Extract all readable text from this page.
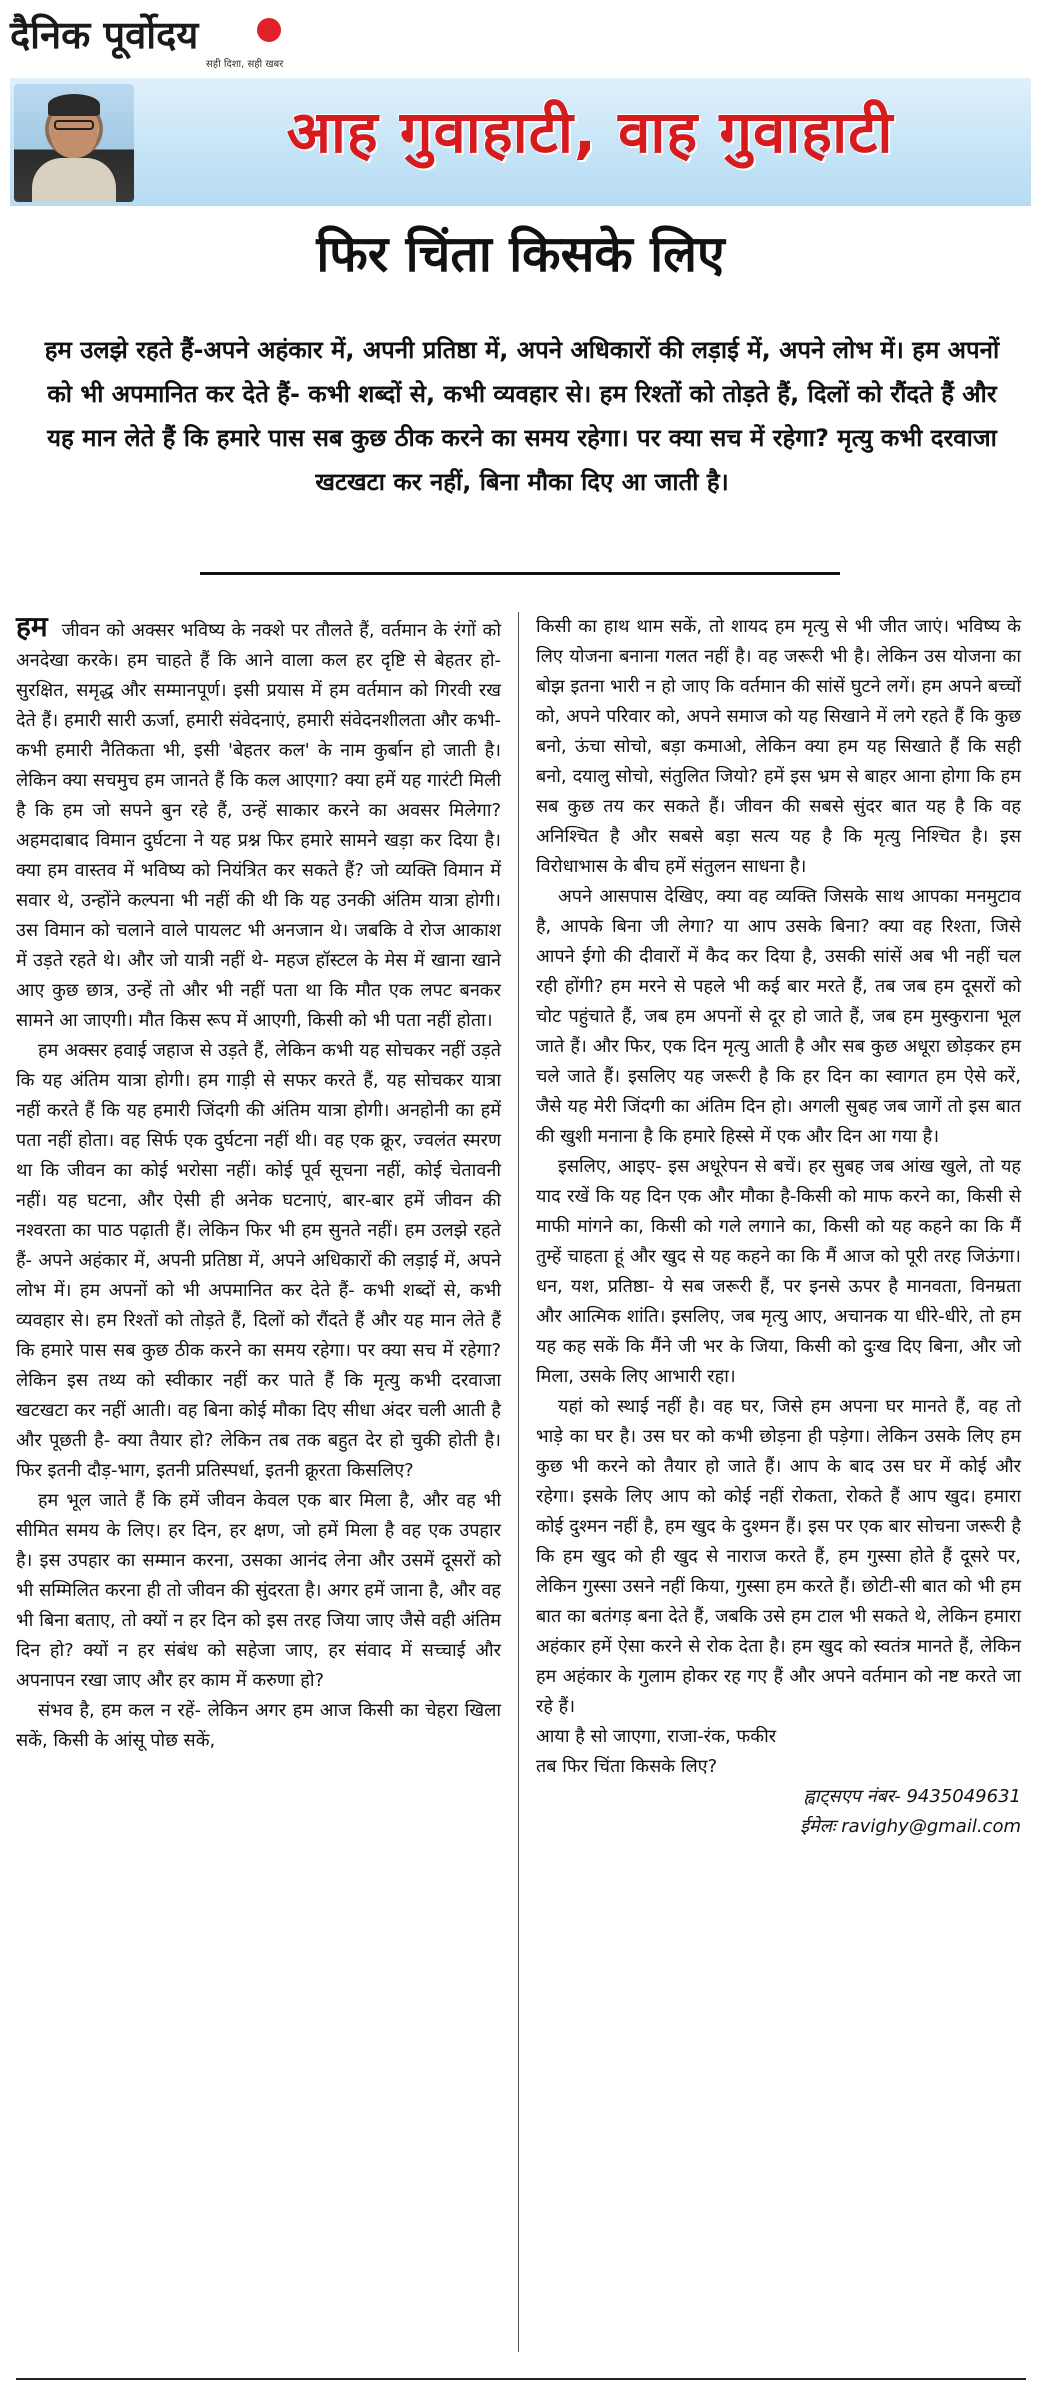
दैनिक पूर्वोदय
सही दिशा, सही खबर
आह गुवाहाटी, वाह गुवाहाटी
फिर चिंता किसके लिए
हम उलझे रहते हैं-अपने अहंकार में, अपनी प्रतिष्ठा में, अपने अधिकारों की लड़ाई में, अपने लोभ में। हम अपनों को भी अपमानित कर देते हैं- कभी शब्दों से, कभी व्यवहार से। हम रिश्तों को तोड़ते हैं, दिलों को रौंदते हैं और यह मान लेते हैं कि हमारे पास सब कुछ ठीक करने का समय रहेगा। पर क्या सच में रहेगा? मृत्यु कभी दरवाजा खटखटा कर नहीं, बिना मौका दिए आ जाती है।

हम जीवन को अक्सर भविष्य के नक्शे पर तौलते हैं, वर्तमान के रंगों को अनदेखा करके। हम चाहते हैं कि आने वाला कल हर दृष्टि से बेहतर हो-सुरक्षित, समृद्ध और सम्मानपूर्ण। इसी प्रयास में हम वर्तमान को गिरवी रख देते हैं। हमारी सारी ऊर्जा, हमारी संवेदनाएं, हमारी संवेदनशीलता और कभी-कभी हमारी नैतिकता भी, इसी 'बेहतर कल' के नाम कुर्बान हो जाती है। लेकिन क्या सचमुच हम जानते हैं कि कल आएगा? क्या हमें यह गारंटी मिली है कि हम जो सपने बुन रहे हैं, उन्हें साकार करने का अवसर मिलेगा? अहमदाबाद विमान दुर्घटना ने यह प्रश्न फिर हमारे सामने खड़ा कर दिया है। क्या हम वास्तव में भविष्य को नियंत्रित कर सकते हैं? जो व्यक्ति विमान में सवार थे, उन्होंने कल्पना भी नहीं की थी कि यह उनकी अंतिम यात्रा होगी। उस विमान को चलाने वाले पायलट भी अनजान थे। जबकि वे रोज आकाश में उड़ते रहते थे। और जो यात्री नहीं थे- महज हॉस्टल के मेस में खाना खाने आए कुछ छात्र, उन्हें तो और भी नहीं पता था कि मौत एक लपट बनकर सामने आ जाएगी। मौत किस रूप में आएगी, किसी को भी पता नहीं होता।

हम अक्सर हवाई जहाज से उड़ते हैं, लेकिन कभी यह सोचकर नहीं उड़ते कि यह अंतिम यात्रा होगी। हम गाड़ी से सफर करते हैं, यह सोचकर यात्रा नहीं करते हैं कि यह हमारी जिंदगी की अंतिम यात्रा होगी। अनहोनी का हमें पता नहीं होता। वह सिर्फ एक दुर्घटना नहीं थी। वह एक क्रूर, ज्वलंत स्मरण था कि जीवन का कोई भरोसा नहीं। कोई पूर्व सूचना नहीं, कोई चेतावनी नहीं। यह घटना, और ऐसी ही अनेक घटनाएं, बार-बार हमें जीवन की नश्वरता का पाठ पढ़ाती हैं। लेकिन फिर भी हम सुनते नहीं। हम उलझे रहते हैं- अपने अहंकार में, अपनी प्रतिष्ठा में, अपने अधिकारों की लड़ाई में, अपने लोभ में। हम अपनों को भी अपमानित कर देते हैं- कभी शब्दों से, कभी व्यवहार से। हम रिश्तों को तोड़ते हैं, दिलों को रौंदते हैं और यह मान लेते हैं कि हमारे पास सब कुछ ठीक करने का समय रहेगा। पर क्या सच में रहेगा? लेकिन इस तथ्य को स्वीकार नहीं कर पाते हैं कि मृत्यु कभी दरवाजा खटखटा कर नहीं आती। वह बिना कोई मौका दिए सीधा अंदर चली आती है और पूछती है- क्या तैयार हो? लेकिन तब तक बहुत देर हो चुकी होती है। फिर इतनी दौड़-भाग, इतनी प्रतिस्पर्धा, इतनी क्रूरता किसलिए?

हम भूल जाते हैं कि हमें जीवन केवल एक बार मिला है, और वह भी सीमित समय के लिए। हर दिन, हर क्षण, जो हमें मिला है वह एक उपहार है। इस उपहार का सम्मान करना, उसका आनंद लेना और उसमें दूसरों को भी सम्मिलित करना ही तो जीवन की सुंदरता है। अगर हमें जाना है, और वह भी बिना बताए, तो क्यों न हर दिन को इस तरह जिया जाए जैसे वही अंतिम दिन हो? क्यों न हर संबंध को सहेजा जाए, हर संवाद में सच्चाई और अपनापन रखा जाए और हर काम में करुणा हो?

संभव है, हम कल न रहें- लेकिन अगर हम आज किसी का चेहरा खिला सकें, किसी के आंसू पोछ सकें,

किसी का हाथ थाम सकें, तो शायद हम मृत्यु से भी जीत जाएं। भविष्य के लिए योजना बनाना गलत नहीं है। वह जरूरी भी है। लेकिन उस योजना का बोझ इतना भारी न हो जाए कि वर्तमान की सांसें घुटने लगें। हम अपने बच्चों को, अपने परिवार को, अपने समाज को यह सिखाने में लगे रहते हैं कि कुछ बनो, ऊंचा सोचो, बड़ा कमाओ, लेकिन क्या हम यह सिखाते हैं कि सही बनो, दयालु सोचो, संतुलित जियो? हमें इस भ्रम से बाहर आना होगा कि हम सब कुछ तय कर सकते हैं। जीवन की सबसे सुंदर बात यह है कि वह अनिश्चित है और सबसे बड़ा सत्य यह है कि मृत्यु निश्चित है। इस विरोधाभास के बीच हमें संतुलन साधना है।

अपने आसपास देखिए, क्या वह व्यक्ति जिसके साथ आपका मनमुटाव है, आपके बिना जी लेगा? या आप उसके बिना? क्या वह रिश्ता, जिसे आपने ईगो की दीवारों में कैद कर दिया है, उसकी सांसें अब भी नहीं चल रही होंगी? हम मरने से पहले भी कई बार मरते हैं, तब जब हम दूसरों को चोट पहुंचाते हैं, जब हम अपनों से दूर हो जाते हैं, जब हम मुस्कुराना भूल जाते हैं। और फिर, एक दिन मृत्यु आती है और सब कुछ अधूरा छोड़कर हम चले जाते हैं। इसलिए यह जरूरी है कि हर दिन का स्वागत हम ऐसे करें, जैसे यह मेरी जिंदगी का अंतिम दिन हो। अगली सुबह जब जागें तो इस बात की खुशी मनाना है कि हमारे हिस्से में एक और दिन आ गया है।

इसलिए, आइए- इस अधूरेपन से बचें। हर सुबह जब आंख खुले, तो यह याद रखें कि यह दिन एक और मौका है-किसी को माफ करने का, किसी से माफी मांगने का, किसी को गले लगाने का, किसी को यह कहने का कि मैं तुम्हें चाहता हूं और खुद से यह कहने का कि मैं आज को पूरी तरह जिऊंगा। धन, यश, प्रतिष्ठा- ये सब जरूरी हैं, पर इनसे ऊपर है मानवता, विनम्रता और आत्मिक शांति। इसलिए, जब मृत्यु आए, अचानक या धीरे-धीरे, तो हम यह कह सकें कि मैंने जी भर के जिया, किसी को दुःख दिए बिना, और जो मिला, उसके लिए आभारी रहा।

यहां को स्थाई नहीं है। वह घर, जिसे हम अपना घर मानते हैं, वह तो भाड़े का घर है। उस घर को कभी छोड़ना ही पड़ेगा। लेकिन उसके लिए हम कुछ भी करने को तैयार हो जाते हैं। आप के बाद उस घर में कोई और रहेगा। इसके लिए आप को कोई नहीं रोकता, रोकते हैं आप खुद। हमारा कोई दुश्मन नहीं है, हम खुद के दुश्मन हैं। इस पर एक बार सोचना जरूरी है कि हम खुद को ही खुद से नाराज करते हैं, हम गुस्सा होते हैं दूसरे पर, लेकिन गुस्सा उसने नहीं किया, गुस्सा हम करते हैं। छोटी-सी बात को भी हम बात का बतंगड़ बना देते हैं, जबकि उसे हम टाल भी सकते थे, लेकिन हमारा अहंकार हमें ऐसा करने से रोक देता है। हम खुद को स्वतंत्र मानते हैं, लेकिन हम अहंकार के गुलाम होकर रह गए हैं और अपने वर्तमान को नष्ट करते जा रहे हैं।

आया है सो जाएगा, राजा-रंक, फकीर

तब फिर चिंता किसके लिए?

ह्वाट्सएप नंबर- 9435049631

ईमेलः ravighy@gmail.com
